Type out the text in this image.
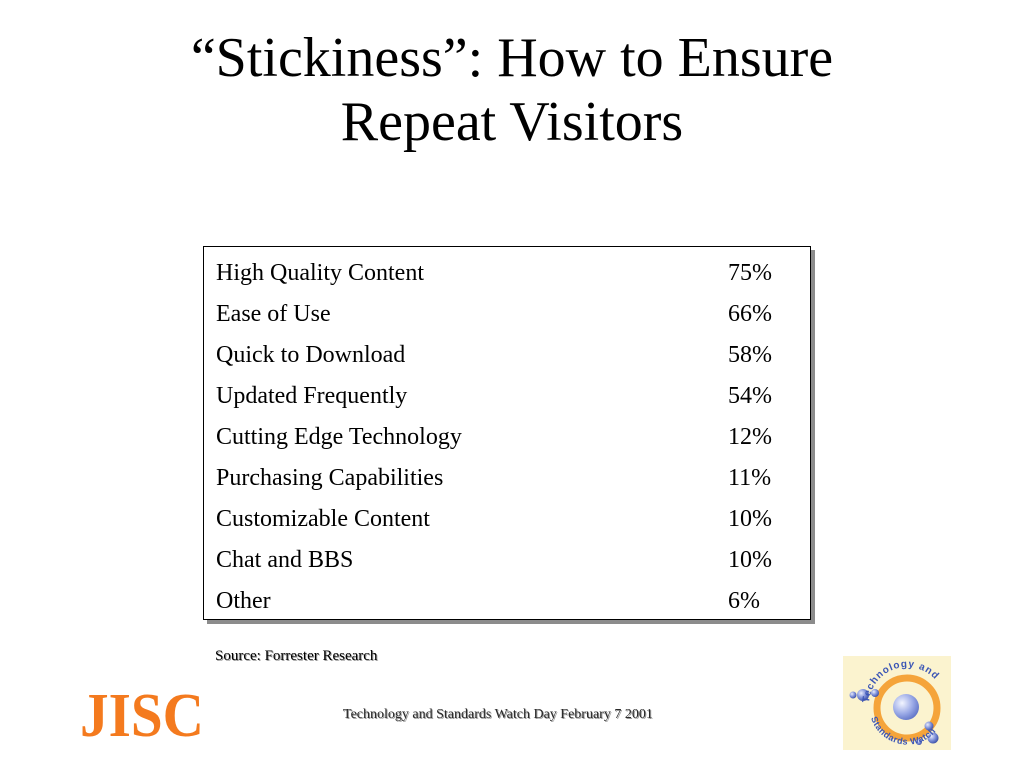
“Stickiness”: How to Ensure
Repeat Visitors
High Quality Content	75%
Ease of Use	66%
Quick to Download	58%
Updated Frequently	54%
Cutting Edge Technology	12%
Purchasing Capabilities	11%
Customizable Content	10%
Chat and BBS	10%
Other	6%
Source: Forrester Research
Technology and Standards Watch Day February 7 2001
JISC	Technology and
Standards Watch
